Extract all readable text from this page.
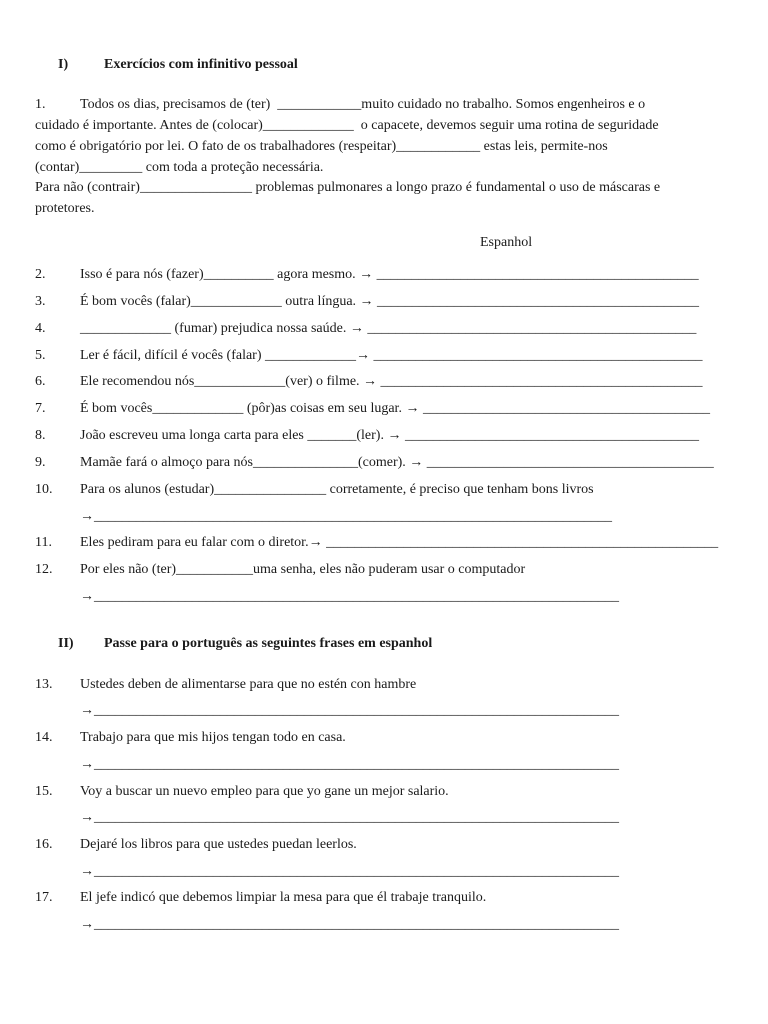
I)	Exercícios com infinitivo pessoal
1. Todos os dias, precisamos de (ter)  ____________muito cuidado no trabalho. Somos engenheiros e o
cuidado é importante. Antes de (colocar)_____________  o capacete, devemos seguir uma rotina de seguridade
como é obrigatório por lei. O fato de os trabalhadores (respeitar)____________ estas leis, permite-nos
(contar)_________ com toda a proteção necessária.
Para não (contrair)________________ problemas pulmonares a longo prazo é fundamental o uso de máscaras e
protetores.
Espanhol
2. Isso é para nós (fazer)__________ agora mesmo. → ______________________________________________
3. É bom vocês (falar)_____________ outra língua. → ______________________________________________
4. _____________ (fumar) prejudica nossa saúde. → _______________________________________________
5. Ler é fácil, difícil é vocês (falar) _____________→ _______________________________________________
6. Ele recomendou nós_____________(ver) o filme. → ______________________________________________
7. É bom vocês_____________ (pôr)as coisas em seu lugar. → _________________________________________
8. João escreveu uma longa carta para eles _______(ler). → __________________________________________
9. Mamãe fará o almoço para nós_______________(comer). → _________________________________________
10. Para os alunos (estudar)________________ corretamente, é preciso que tenham bons livros
→__________________________________________________________________________
11. Eles pediram para eu falar com o diretor.→ ________________________________________________________
12. Por eles não (ter)___________uma senha, eles não puderam usar o computador
→___________________________________________________________________________
II) Passe para o português as seguintes frases em espanhol
13. Ustedes deben de alimentarse para que no estén con hambre
→___________________________________________________________________________
14. Trabajo para que mis hijos tengan todo en casa.
→___________________________________________________________________________
15. Voy a buscar un nuevo empleo para que yo gane un mejor salario.
→___________________________________________________________________________
16. Dejaré los libros para que ustedes puedan leerlos.
→___________________________________________________________________________
17. El jefe indicó que debemos limpiar la mesa para que él trabaje tranquilo.
→___________________________________________________________________________
